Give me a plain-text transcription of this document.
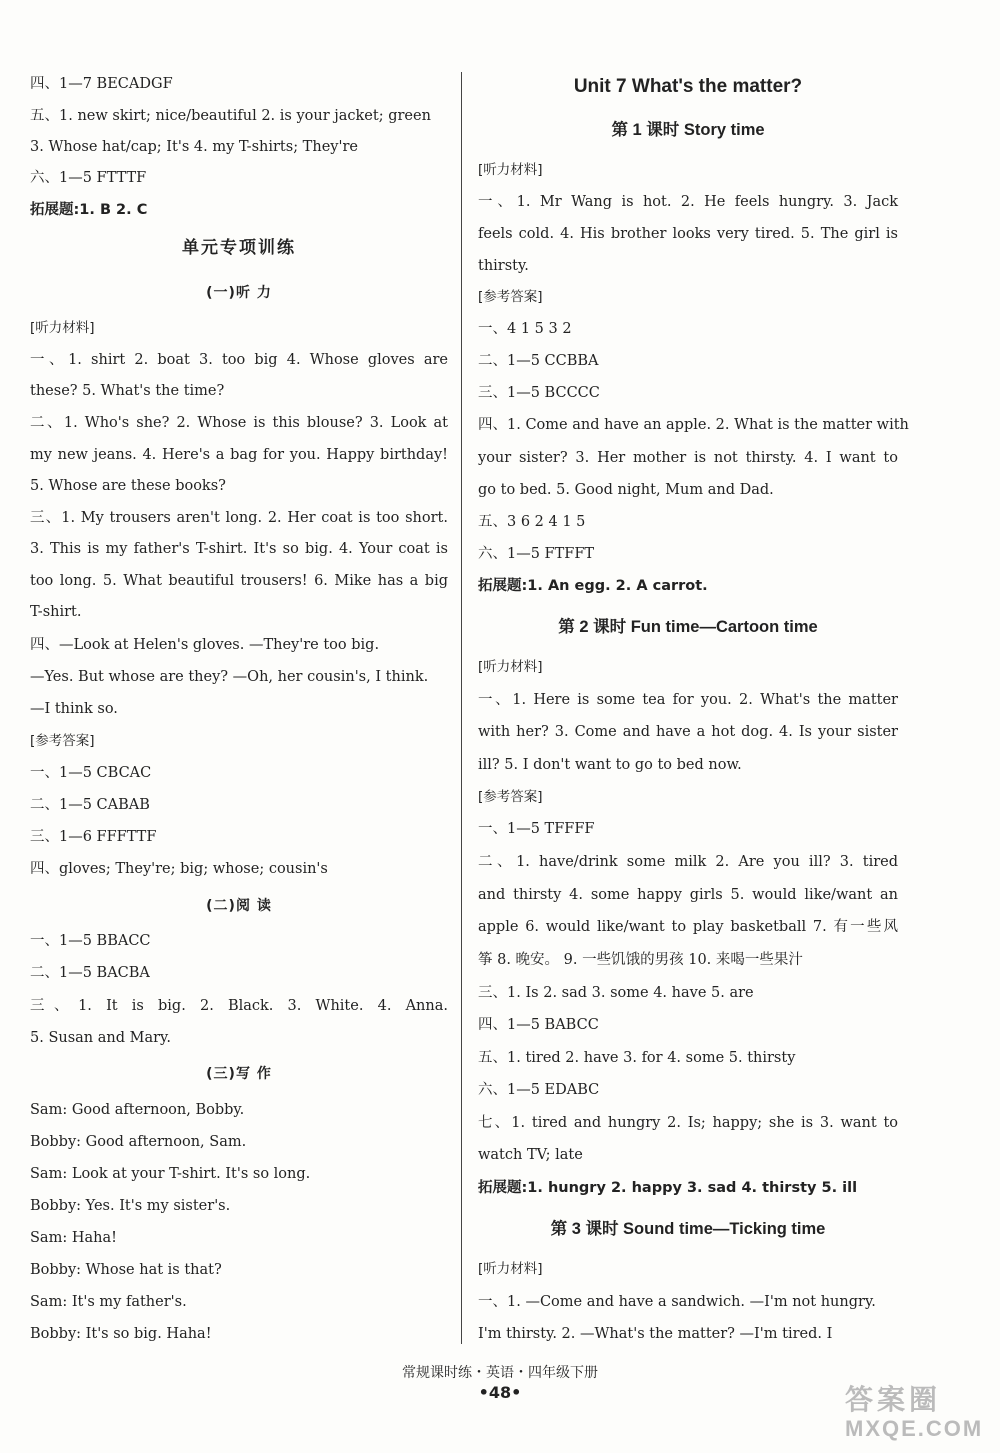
四、1—7 BECADGF
五、1. new skirt; nice/beautiful 2. is your jacket; green
3. Whose hat/cap; It's 4. my T-shirts; They're
六、1—5 FTTTF
拓展题:1. B 2. C
单元专项训练
(一)听 力
[听力材料]
一、1. shirt 2. boat 3. too big 4. Whose gloves are
these? 5. What's the time?
二、1. Who's she? 2. Whose is this blouse? 3. Look at
my new jeans. 4. Here's a bag for you. Happy birthday!
5. Whose are these books?
三、1. My trousers aren't long. 2. Her coat is too short.
3. This is my father's T-shirt. It's so big. 4. Your coat is
too long. 5. What beautiful trousers! 6. Mike has a big
T-shirt.
四、—Look at Helen's gloves. —They're too big.
—Yes. But whose are they? —Oh, her cousin's, I think.
—I think so.
[参考答案]
一、1—5 CBCAC
二、1—5 CABAB
三、1—6 FFFTTF
四、gloves; They're; big; whose; cousin's
(二)阅 读
一、1—5 BBACC
二、1—5 BACBA
三、1. It is big. 2. Black. 3. White. 4. Anna.
5. Susan and Mary.
(三)写 作
Sam: Good afternoon, Bobby.
Bobby: Good afternoon, Sam.
Sam: Look at your T-shirt. It's so long.
Bobby: Yes. It's my sister's.
Sam: Haha!
Bobby: Whose hat is that?
Sam: It's my father's.
Bobby: It's so big. Haha!
Unit 7 What's the matter?
第 1 课时 Story time
[听力材料]
一、1. Mr Wang is hot. 2. He feels hungry. 3. Jack
feels cold. 4. His brother looks very tired. 5. The girl is
thirsty.
[参考答案]
一、4 1 5 3 2
二、1—5 CCBBA
三、1—5 BCCCC
四、1. Come and have an apple. 2. What is the matter with
your sister? 3. Her mother is not thirsty. 4. I want to
go to bed. 5. Good night, Mum and Dad.
五、3 6 2 4 1 5
六、1—5 FTFFT
拓展题:1. An egg. 2. A carrot.
第 2 课时 Fun time—Cartoon time
[听力材料]
一、1. Here is some tea for you. 2. What's the matter
with her? 3. Come and have a hot dog. 4. Is your sister
ill? 5. I don't want to go to bed now.
[参考答案]
一、1—5 TFFFF
二、1. have/drink some milk 2. Are you ill? 3. tired
and thirsty 4. some happy girls 5. would like/want an
apple 6. would like/want to play basketball 7. 有一些风
筝 8. 晚安。 9. 一些饥饿的男孩 10. 来喝一些果汁
三、1. Is 2. sad 3. some 4. have 5. are
四、1—5 BABCC
五、1. tired 2. have 3. for 4. some 5. thirsty
六、1—5 EDABC
七、1. tired and hungry 2. Is; happy; she is 3. want to
watch TV; late
拓展题:1. hungry 2. happy 3. sad 4. thirsty 5. ill
第 3 课时 Sound time—Ticking time
[听力材料]
一、1. —Come and have a sandwich. —I'm not hungry.
I'm thirsty. 2. —What's the matter? —I'm tired. I
常规课时练・英语・四年级下册
•48•	答案圈
MXQE.COM
